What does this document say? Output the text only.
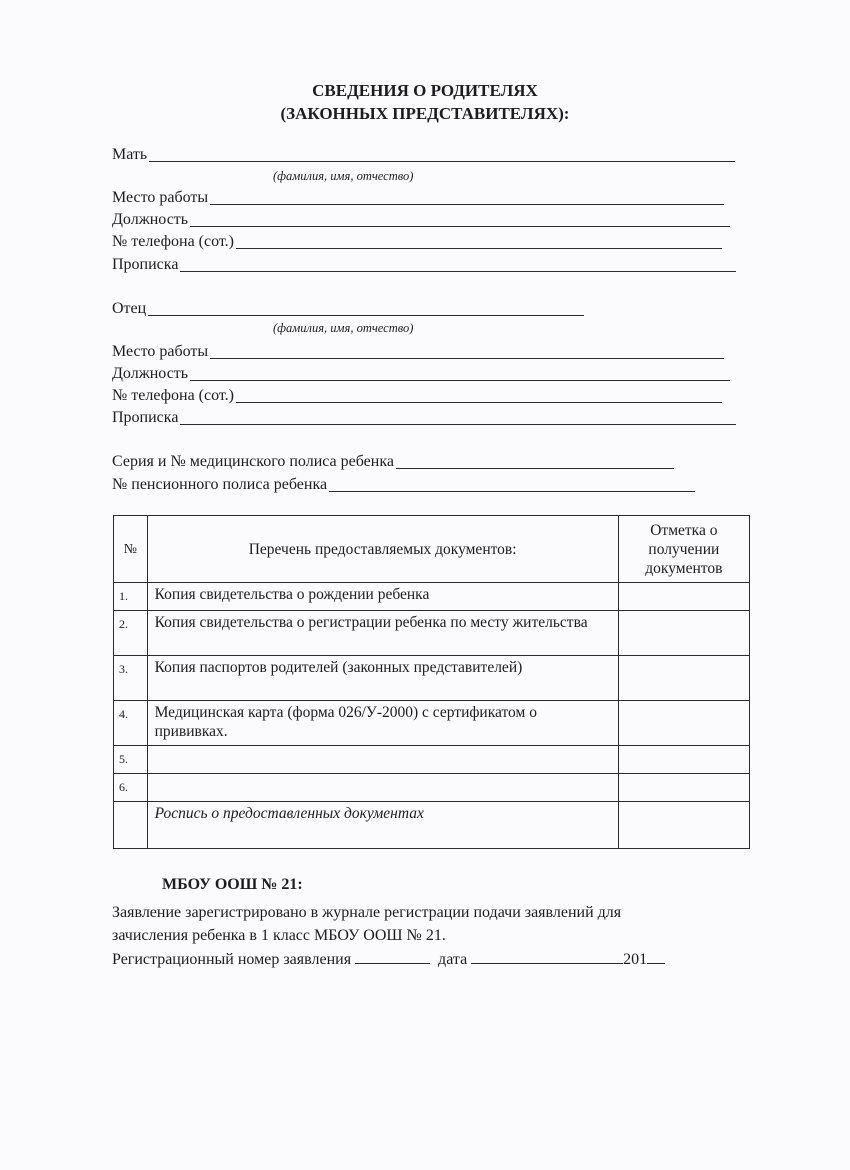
СВЕДЕНИЯ О РОДИТЕЛЯХ
(ЗАКОННЫХ ПРЕДСТАВИТЕЛЯХ):
Мать
(фамилия, имя, отчество)
Место работы
Должность
№ телефона (сот.)
Прописка
Отец
(фамилия, имя, отчество)
Место работы
Должность
№ телефона (сот.)
Прописка
Серия и № медицинского полиса ребенка
№ пенсионного полиса ребенка
№	Перечень предоставляемых документов:	Отметка о получении документов
1.	Копия свидетельства о рождении ребенка	
2.	Копия свидетельства о регистрации ребенка по месту жительства	
3.	Копия паспортов родителей (законных представителей)	
4.	Медицинская карта (форма 026/У-2000) с сертификатом о прививках.	
5.		
6.		
	Роспись о предоставленных документах	
МБОУ ООШ № 21:
Заявление зарегистрировано в журнале регистрации подачи заявлений для
зачисления ребенка в 1 класс МБОУ ООШ № 21.
Регистрационный номер заявления	дата	201
